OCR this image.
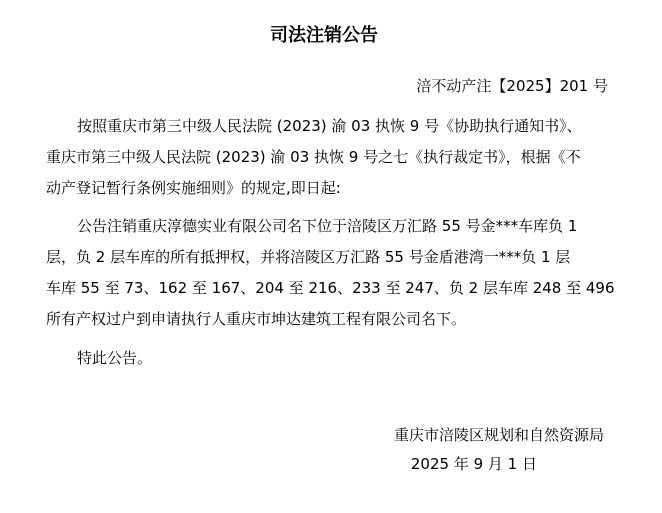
司法注销公告
涪不动产注【2025】201 号

按照重庆市第三中级人民法院 (2023) 渝 03 执恢 9 号《协助执行通知书》、
重庆市第三中级人民法院 (2023) 渝 03 执恢 9 号之七《执行裁定书》，根据《不
动产登记暂行条例实施细则》的规定,即日起:

公告注销重庆淳德实业有限公司名下位于涪陵区万汇路 55 号金***车库负 1
层，负 2 层车库的所有抵押权，并将涪陵区万汇路 55 号金盾港湾一***负 1 层
车库 55 至 73、162 至 167、204 至 216、233 至 247、负 2 层车库 248 至 496
所有产权过户到申请执行人重庆市坤达建筑工程有限公司名下。

特此公告。

重庆市涪陵区规划和自然资源局
2025 年 9 月 1 日
